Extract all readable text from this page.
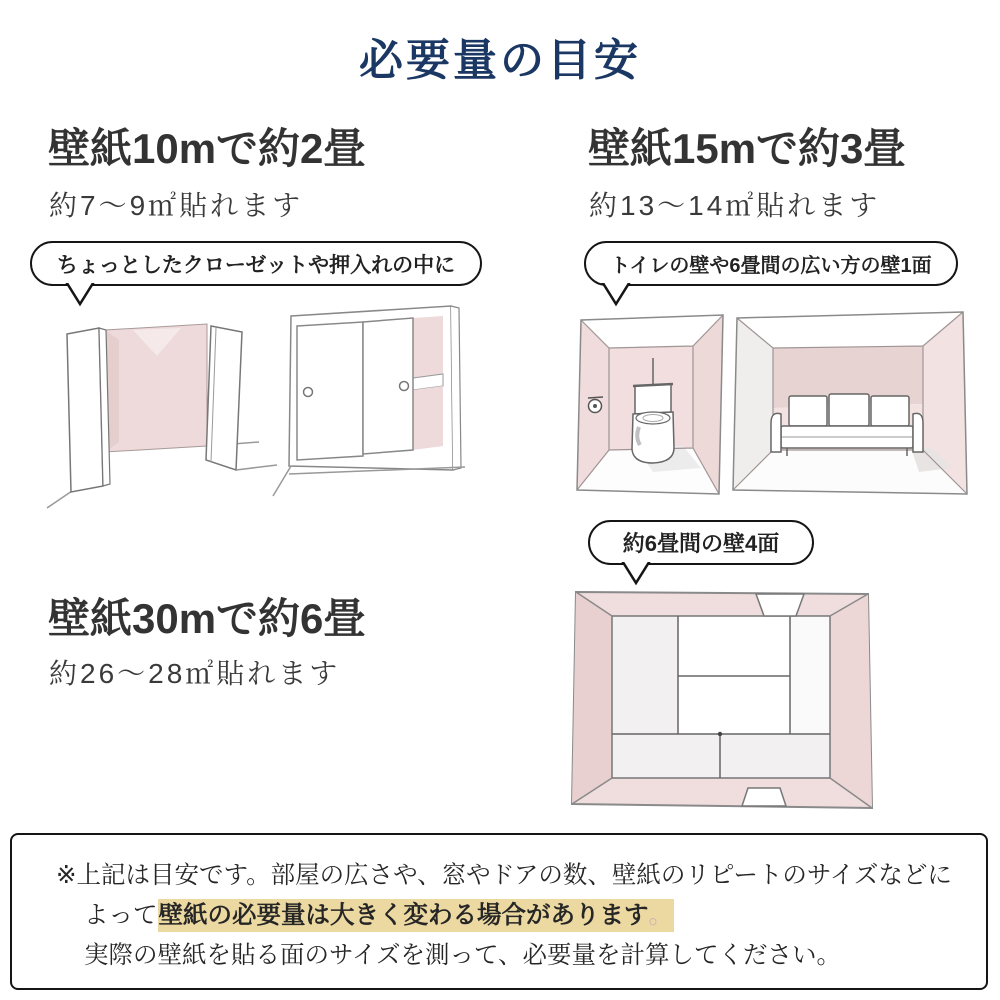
必要量の目安
壁紙10mで約2畳
約7〜9㎡貼れます
ちょっとしたクローゼットや押入れの中に
壁紙15mで約3畳
約13〜14㎡貼れます
トイレの壁や6畳間の広い方の壁1面
約6畳間の壁4面
壁紙30mで約6畳
約26〜28㎡貼れます
※上記は目安です。部屋の広さや、窓やドアの数、壁紙のリピートのサイズなどに
よって壁紙の必要量は大きく変わる場合があります。
実際の壁紙を貼る面のサイズを測って、必要量を計算してください。
